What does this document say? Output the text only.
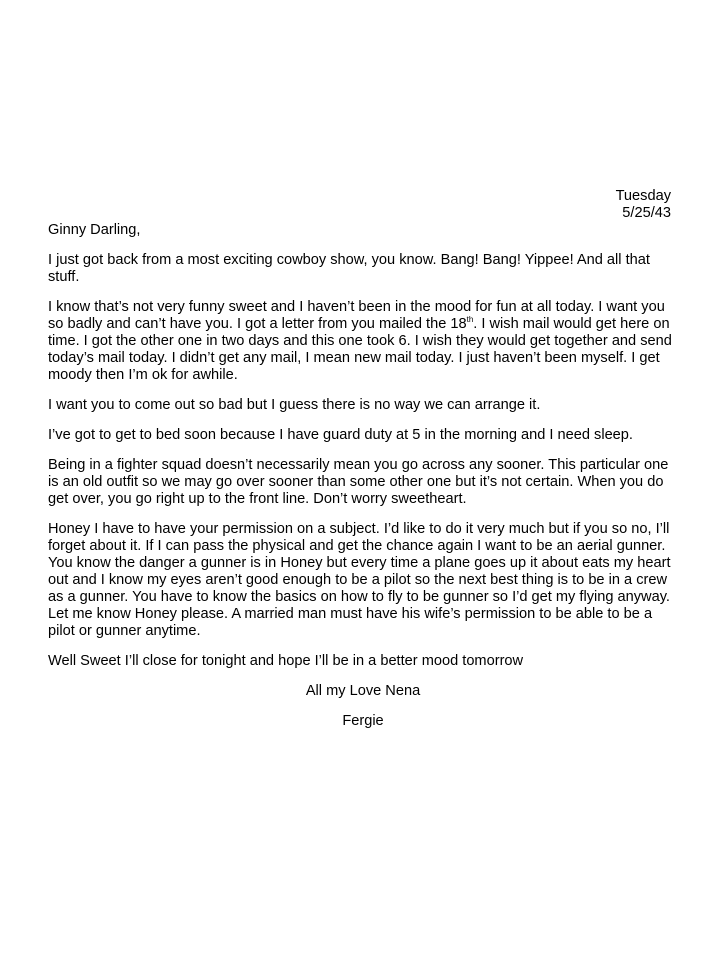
Tuesday
5/25/43

Ginny Darling,

I just got back from a most exciting cowboy show, you know. Bang! Bang! Yippee! And all that stuff.

I know that’s not very funny sweet and I haven’t been in the mood for fun at all today. I want you so badly and can’t have you. I got a letter from you mailed the 18th. I wish mail would get here on time. I got the other one in two days and this one took 6. I wish they would get together and send today’s mail today. I didn’t get any mail, I mean new mail today. I just haven’t been myself. I get moody then I’m ok for awhile.

I want you to come out so bad but I guess there is no way we can arrange it.

I’ve got to get to bed soon because I have guard duty at 5 in the morning and I need sleep.

Being in a fighter squad doesn’t necessarily mean you go across any sooner. This particular one is an old outfit so we may go over sooner than some other one but it’s not certain. When you do get over, you go right up to the front line. Don’t worry sweetheart.

Honey I have to have your permission on a subject. I’d like to do it very much but if you so no, I’ll forget about it. If I can pass the physical and get the chance again I want to be an aerial gunner. You know the danger a gunner is in Honey but every time a plane goes up it about eats my heart out and I know my eyes aren’t good enough to be a pilot so the next best thing is to be in a crew as a gunner. You have to know the basics on how to fly to be gunner so I’d get my flying anyway. Let me know Honey please. A married man must have his wife’s permission to be able to be a pilot or gunner anytime.

Well Sweet I’ll close for tonight and hope I’ll be in a better mood tomorrow

All my Love Nena

Fergie
